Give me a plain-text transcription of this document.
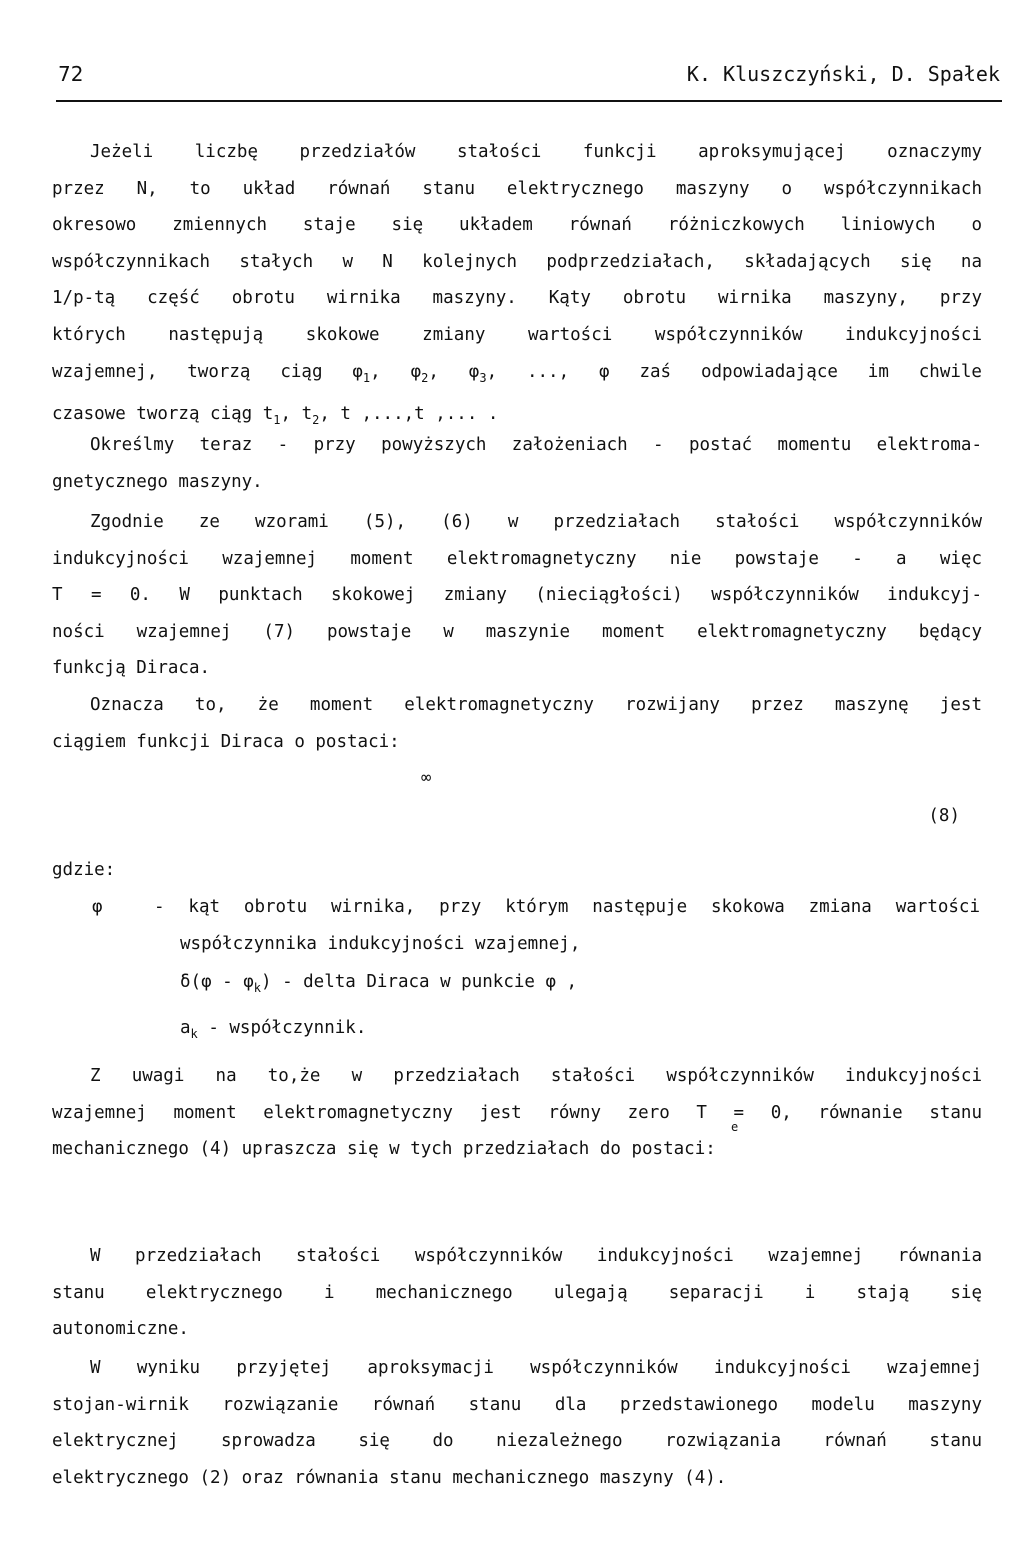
72	K. Kluszczyński, D. Spałek
Jeżeli liczbę przedziałów stałości funkcji aproksymującej oznaczymy
przez N, to układ równań stanu elektrycznego maszyny o współczynnikach
okresowo zmiennych staje się układem równań różniczkowych liniowych o
współczynnikach stałych w N kolejnych podprzedziałach, składających się na
1/p-tą część obrotu wirnika maszyny. Kąty obrotu wirnika maszyny, przy
których następują skokowe zmiany wartości współczynników indukcyjności
wzajemnej, tworzą ciąg $\varphi_1$, $\varphi_2$, $\varphi_3$, ..., φ zaś odpowiadające im chwile
czasowe tworzą ciąg $t_1$, $t_2$, t ,...,t ,... .
Określmy teraz - przy powyższych założeniach - postać momentu elektroma-
gnetycznego maszyny.
Zgodnie ze wzorami (5), (6) w przedziałach stałości współczynników
indukcyjności wzajemnej moment elektromagnetyczny nie powstaje - a więc
T = 0. W punktach skokowej zmiany (nieciągłości) współczynników indukcyj-
ności wzajemnej (7) powstaje w maszynie moment elektromagnetyczny będący
funkcją Diraca.
Oznacza to, że moment elektromagnetyczny rozwijany przez maszynę jest
ciągiem funkcji Diraca o postaci:
∞
(8)
gdzie:
φ	- kąt obrotu wirnika, przy którym następuje skokowa zmiana wartości
współczynnika indukcyjności wzajemnej,
$\delta(\varphi - \varphi_k)$ - delta Diraca w punkcie φ ,
$a_k$ - współczynnik.
Z uwagi na to,że w przedziałach stałości współczynników indukcyjności
wzajemnej moment elektromagnetyczny jest równy zero T = 0, równanie stanu
mechanicznego (4) upraszcza się w tych przedziałach do postaci:
e
W przedziałach stałości współczynników indukcyjności wzajemnej równania
stanu elektrycznego i mechanicznego ulegają separacji i stają się
autonomiczne.
W wyniku przyjętej aproksymacji współczynników indukcyjności wzajemnej
stojan-wirnik rozwiązanie równań stanu dla przedstawionego modelu maszyny
elektrycznej sprowadza się do niezależnego rozwiązania równań stanu
elektrycznego (2) oraz równania stanu mechanicznego maszyny (4).
